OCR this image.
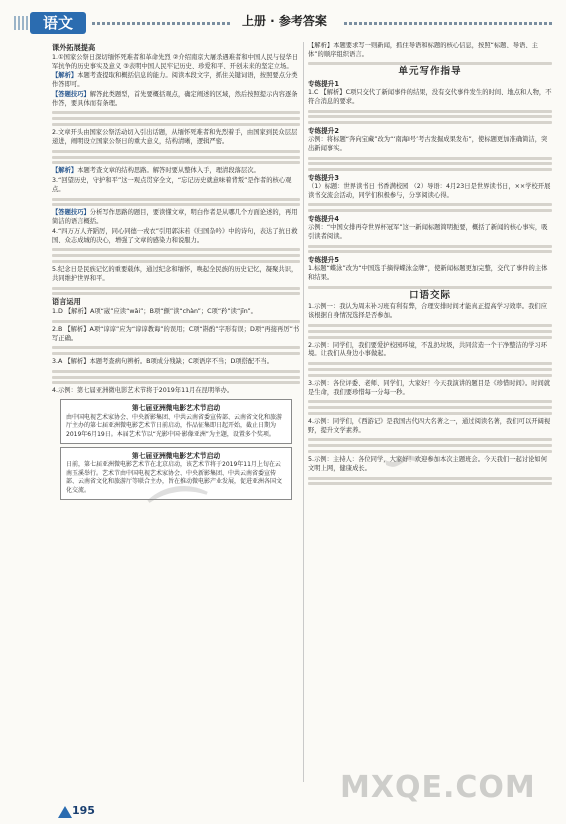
语文	上册 · 参考答案
课外拓展提高

1.①国家公祭日深切缅怀死难者和革命先烈 ②介绍南京大屠杀遇难者和中国人民与侵华日军抗争的历史事实及意义 ③表明中国人民牢记历史、珍爱和平、开创未来的坚定立场。

【解析】本题考查提取和概括信息的能力。阅读本段文字，抓住关键词语，按照要点分类作答即可。

【答题技巧】解答此类题型，首先要概括观点，确定阐述的区域，然后按照提示内容逐条作答，要具体而有条理。

2.文章开头由国家公祭活动切入引出话题，从缅怀死难者和先烈着手，由国家到民众层层递进，阐明设立国家公祭日的重大意义，结构清晰，逻辑严密。

【解析】本题考查文章的结构思路。解答时要从整体入手，理清段落层次。

3.“回望历史，守护和平”这一观点贯穿全文，“忘记历史就意味着背叛”是作者的核心观点。

【答题技巧】分析写作思路的题目，要读懂文章，明白作者是从哪几个方面论述的，再用简洁的语言概括。

4.“四万万人齐蹈厉，同心同德一戎衣”引用郭沫若《归国杂吟》中的诗句，表达了抗日救国、众志成城的决心，增强了文章的感染力和说服力。

5.纪念日是民族记忆的重要载体，通过纪念和缅怀，唤起全民族的历史记忆，凝聚共识，共同维护世界和平。

语言运用

1.D 【解析】A项“崴”应读“wǎi”；B项“颤”读“chàn”；C项“矜”读“jīn”。

2.B 【解析】A项“谆谆”应为“谆谆教诲”的误用；C项“斟酌”字形有误；D项“再接再厉”书写正确。

3.A 【解析】本题考查病句辨析。B项成分残缺；C项语序不当；D项搭配不当。

4.示例：第七届亚洲微电影艺术节将于2019年11月在昆明举办。

第七届亚洲微电影艺术节启动
由中国电视艺术家协会、中央新影集团、中共云南省委宣传部、云南省文化和旅游厅主办的第七届亚洲微电影艺术节日前启动，作品征集即日起开始，截止日期为2019年6月19日。本届艺术节以“光影中国·影像亚洲”为主题，设置多个奖项。
第七届亚洲微电影艺术节启动
日前，第七届亚洲微电影艺术节在北京启动，该艺术节将于2019年11月上旬在云南玉溪举行。艺术节由中国电视艺术家协会、中央新影集团、中共云南省委宣传部、云南省文化和旅游厅等联合主办，旨在推动微电影产业发展，促进亚洲各国文化交流。

【解析】本题要求写一则新闻，抓住导语和标题的核心信息，按照“标题、导语、主体”的顺序组织语言。

单元写作指导
专练提升1

1.C 【解析】C项只交代了新闻事件的结果，没有交代事件发生的时间、地点和人物，不符合消息的要求。

专练提升2

示例：将标题“奔向宝藏”改为“‘南海Ⅰ号’考古发掘成果发布”，使标题更加准确简洁，突出新闻事实。

专练提升3

（1）标题：世界读书日 书香满校园 （2）导语：4月23日是世界读书日，××学校开展读书交流会活动，同学们积极参与，分享阅读心得。

专练提升4

示例：“中国女排再夺世界杯冠军”这一新闻标题简明扼要，概括了新闻的核心事实，吸引读者阅读。

专练提升5

1.标题“蝶泳”改为“中国选手摘得蝶泳金牌”，使新闻标题更加完整，交代了事件的主体和结果。

口语交际

1.示例一：我认为周末补习班有利有弊，合理安排时间才能真正提高学习效率。我们应该根据自身情况选择是否参加。

2.示例：同学们，我们要爱护校园环境，不乱扔垃圾，共同营造一个干净整洁的学习环境。让我们从身边小事做起。

3.示例：各位评委、老师、同学们，大家好！今天我演讲的题目是《珍惜时间》。时间就是生命，我们要珍惜每一分每一秒。

4.示例：同学们，《西游记》是我国古代四大名著之一，通过阅读名著，我们可以开阔视野，提升文学素养。

5.示例：主持人：各位同学，大家好！欢迎参加本次主题班会。今天我们一起讨论如何文明上网，健康成长。

195
⌒
∽
MXQE.COM
